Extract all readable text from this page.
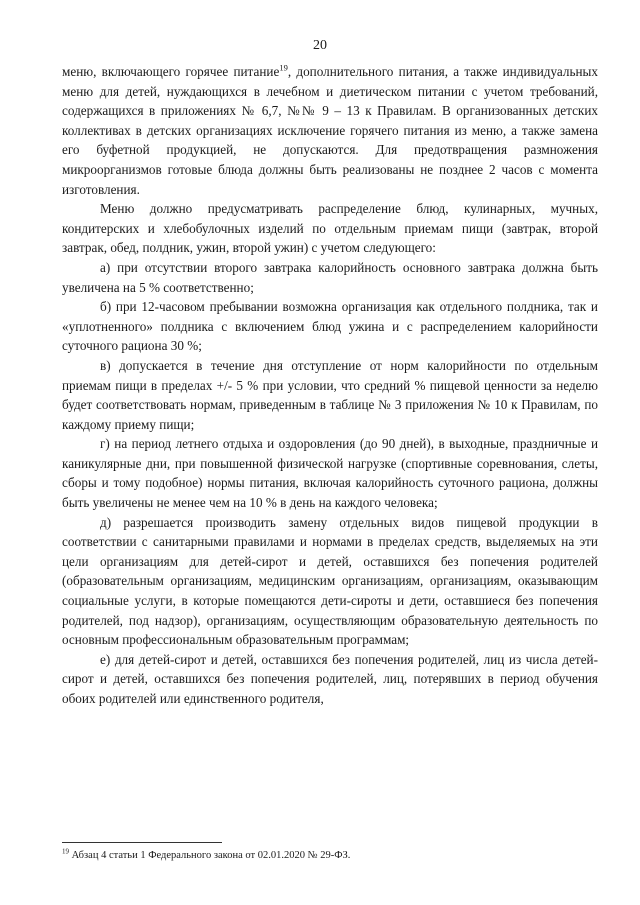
20

меню, включающего горячее питание$^{19}$, дополнительного питания, а также индивидуальных меню для детей, нуждающихся в лечебном и диетическом питании с учетом требований, содержащихся в приложениях № 6,7, №№ 9 – 13 к Правилам. В организованных детских коллективах в детских организациях исключение горячего питания из меню, а также замена его буфетной продукцией, не допускаются. Для предотвращения размножения микроорганизмов готовые блюда должны быть реализованы не позднее 2 часов с момента изготовления.

Меню должно предусматривать распределение блюд, кулинарных, мучных, кондитерских и хлебобулочных изделий по отдельным приемам пищи (завтрак, второй завтрак, обед, полдник, ужин, второй ужин) с учетом следующего:

а) при отсутствии второго завтрака калорийность основного завтрака должна быть увеличена на 5 % соответственно;

б) при 12-часовом пребывании возможна организация как отдельного полдника, так и «уплотненного» полдника с включением блюд ужина и с распределением калорийности суточного рациона 30 %;

в) допускается в течение дня отступление от норм калорийности по отдельным приемам пищи в пределах +/- 5 % при условии, что средний % пищевой ценности за неделю будет соответствовать нормам, приведенным в таблице № 3 приложения № 10 к Правилам, по каждому приему пищи;

г) на период летнего отдыха и оздоровления (до 90 дней), в выходные, праздничные и каникулярные дни, при повышенной физической нагрузке (спортивные соревнования, слеты, сборы и тому подобное) нормы питания, включая калорийность суточного рациона, должны быть увеличены не менее чем на 10 % в день на каждого человека;

д) разрешается производить замену отдельных видов пищевой продукции в соответствии с санитарными правилами и нормами в пределах средств, выделяемых на эти цели организациям для детей-сирот и детей, оставшихся без попечения родителей (образовательным организациям, медицинским организациям, организациям, оказывающим социальные услуги, в которые помещаются дети-сироты и дети, оставшиеся без попечения родителей, под надзор), организациям, осуществляющим образовательную деятельность по основным профессиональным образовательным программам;

е) для детей-сирот и детей, оставшихся без попечения родителей, лиц из числа детей-сирот и детей, оставшихся без попечения родителей, лиц, потерявших в период обучения обоих родителей или единственного родителя,

$^{19}$ Абзац 4 статьи 1 Федерального закона от 02.01.2020 № 29-ФЗ.
